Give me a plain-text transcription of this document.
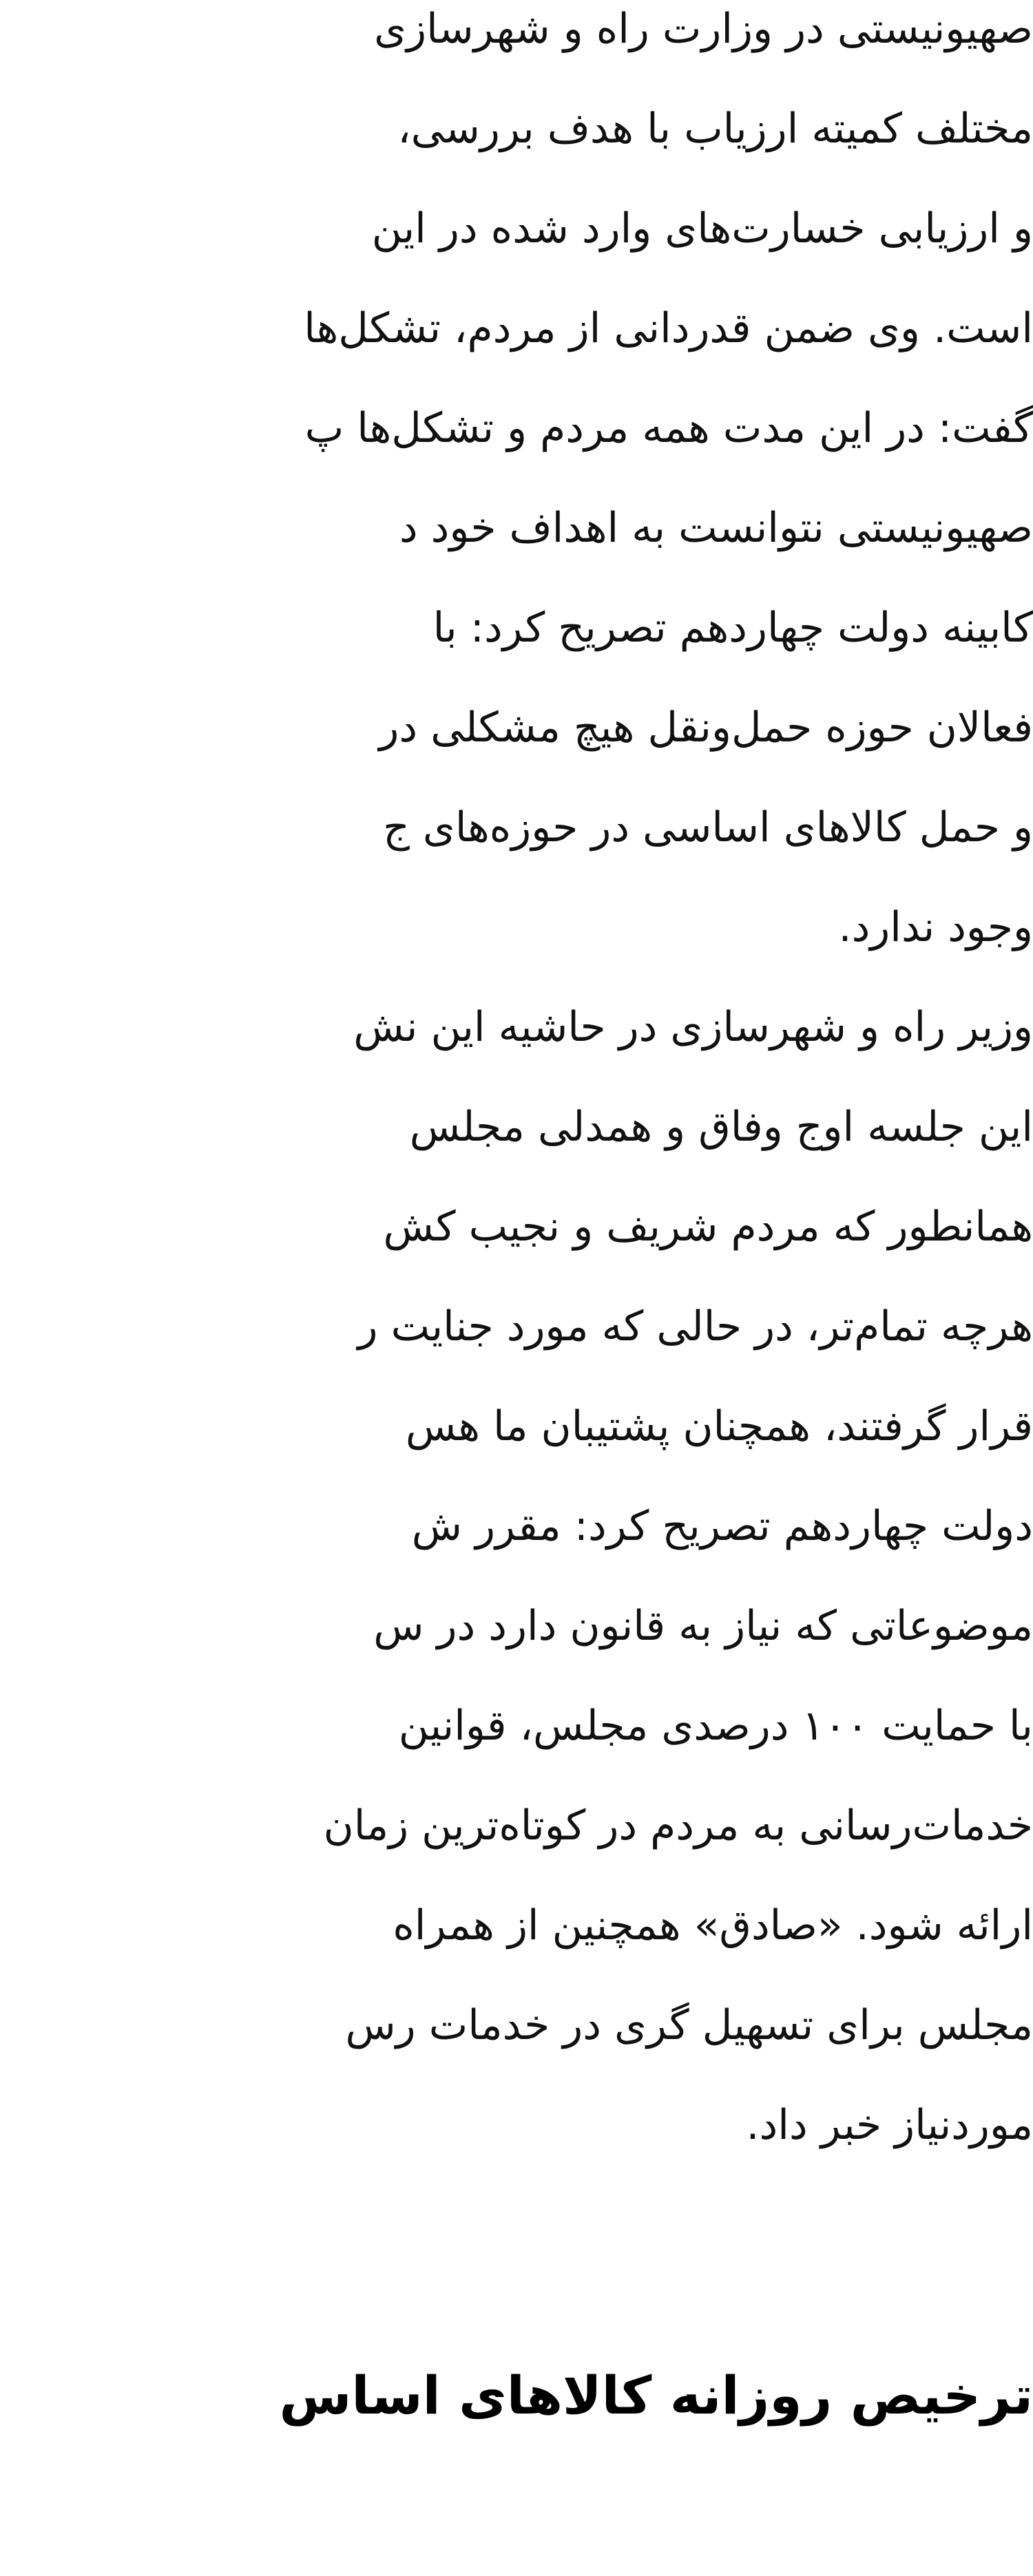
صهیونیستی در وزارت راه و شهرسازی
مختلف کمیته ارزیاب با هدف بررسی،
و ارزیابی خسارت‌های وارد شده در این
است. وی ضمن قدردانی از مردم، تشکل‌ها
گفت: در این مدت همه مردم و تشکل‌ها پ
صهیونیستی نتوانست به اهداف خود د
کابینه دولت چهاردهم تصریح کرد: با
فعالان حوزه حمل‌ونقل هیچ مشکلی در
و حمل کالاهای اساسی در حوزه‌های ج
وجود ندارد.
وزیر راه و شهرسازی در حاشیه این نش
این جلسه اوج وفاق و همدلی مجلس
همانطور که مردم شریف و نجیب کش
هرچه تمام‌تر، در حالی که مورد جنایت ر
قرار گرفتند، همچنان پشتیبان ما هس
دولت چهاردهم تصریح کرد: مقرر ش
موضوعاتی که نیاز به قانون دارد در س
با حمایت ۱۰۰ درصدی مجلس، قوانین
خدمات‌رسانی به مردم در کوتاه‌ترین زمان
ارائه شود. «صادق» همچنین از همراه
مجلس برای تسهیل گری در خدمات رس
موردنیاز خبر داد.
ترخیص روزانه کالاهای اساس
